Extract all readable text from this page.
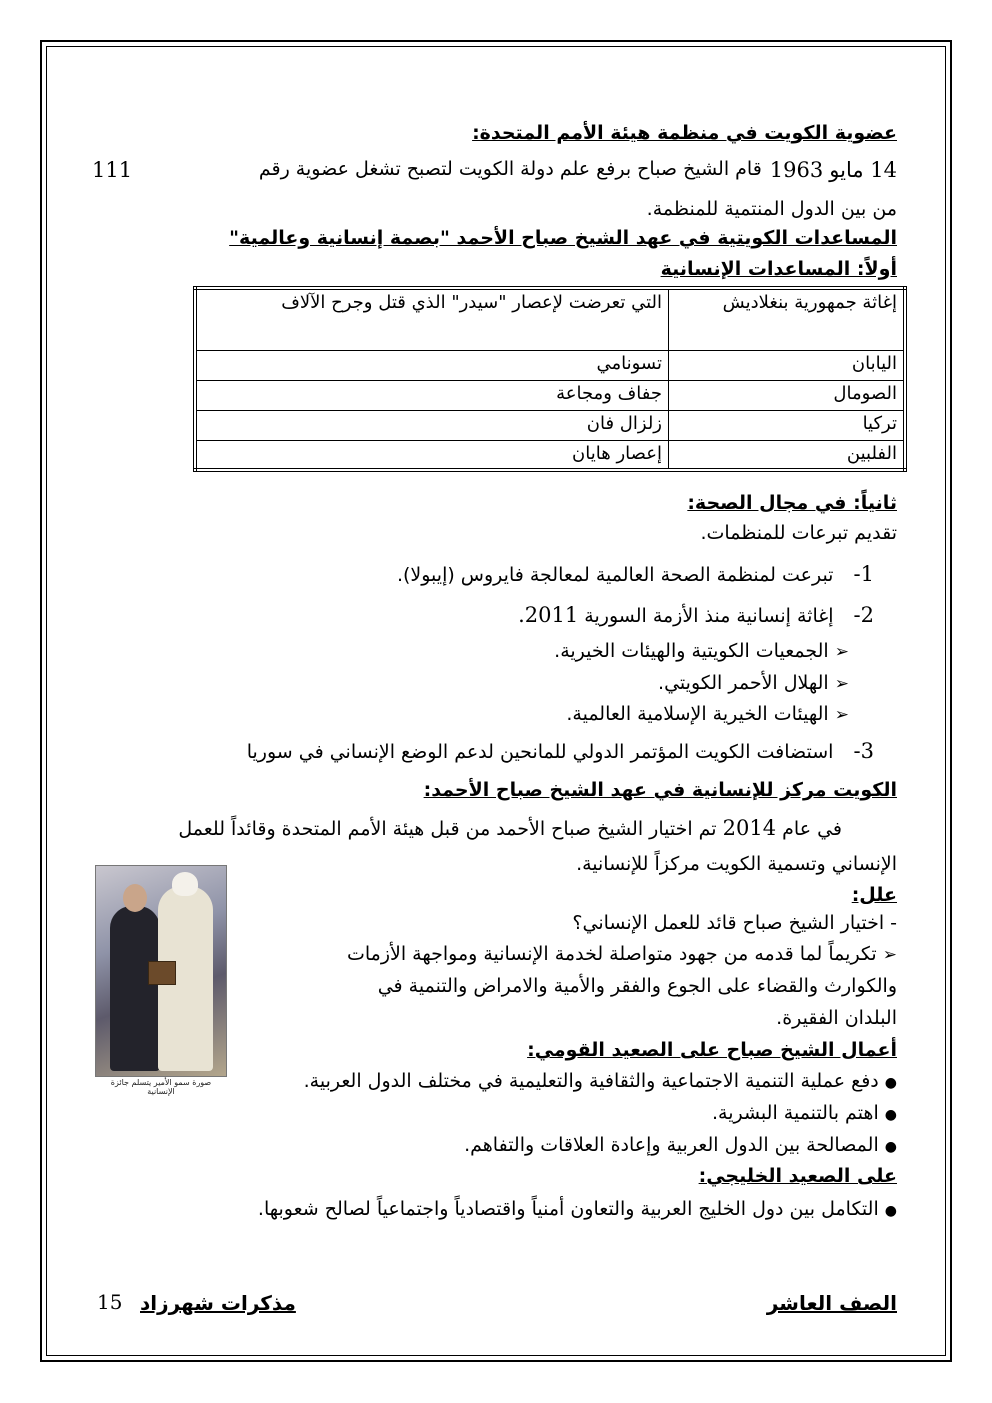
عضوية الكويت في منظمة هيئة الأمم المتحدة:
14 مايو
1963
قام الشيخ صباح برفع علم دولة الكويت لتصبح تشغل عضوية رقم
111
من بين الدول المنتمية للمنظمة.
المساعدات الكويتية في عهد الشيخ صباح الأحمد "بصمة إنسانية وعالمية"
أولاً: المساعدات الإنسانية
إغاثة جمهورية بنغلاديش	التي تعرضت لإعصار "سيدر" الذي قتل وجرح الآلاف
اليابان	تسونامي
الصومال	جفاف ومجاعة
تركيا	زلزال فان
الفلبين	إعصار هايان
ثانياً: في مجال الصحة:
تقديم تبرعات للمنظمات.
1- تبرعت لمنظمة الصحة العالمية لمعالجة فايروس (إيبولا).
2- إغاثة إنسانية منذ الأزمة السورية 2011.
➢ الجمعيات الكويتية والهيئات الخيرية.
➢ الهلال الأحمر الكويتي.
➢ الهيئات الخيرية الإسلامية العالمية.
3- استضافت الكويت المؤتمر الدولي للمانحين لدعم الوضع الإنساني في سوريا
الكويت مركز للإنسانية في عهد الشيخ صباح الأحمد:
في عام 2014 تم اختيار الشيخ صباح الأحمد من قبل هيئة الأمم المتحدة وقائداً للعمل
الإنساني وتسمية الكويت مركزاً للإنسانية.
صورة سمو الأمير يتسلم جائزة الإنسانية
علل:
- اختيار الشيخ صباح قائد للعمل الإنساني؟
➢ تكريماً لما قدمه من جهود متواصلة لخدمة الإنسانية ومواجهة الأزمات
والكوارث والقضاء على الجوع والفقر والأمية والامراض والتنمية في
البلدان الفقيرة.
أعمال الشيخ صباح على الصعيد القومي:
● دفع عملية التنمية الاجتماعية والثقافية والتعليمية في مختلف الدول العربية.
● اهتم بالتنمية البشرية.
● المصالحة بين الدول العربية وإعادة العلاقات والتفاهم.
على الصعيد الخليجي:
● التكامل بين دول الخليج العربية والتعاون أمنياً واقتصادياً واجتماعياً لصالح شعوبها.
الصف العاشر
مذكرات شهرزاد
15
